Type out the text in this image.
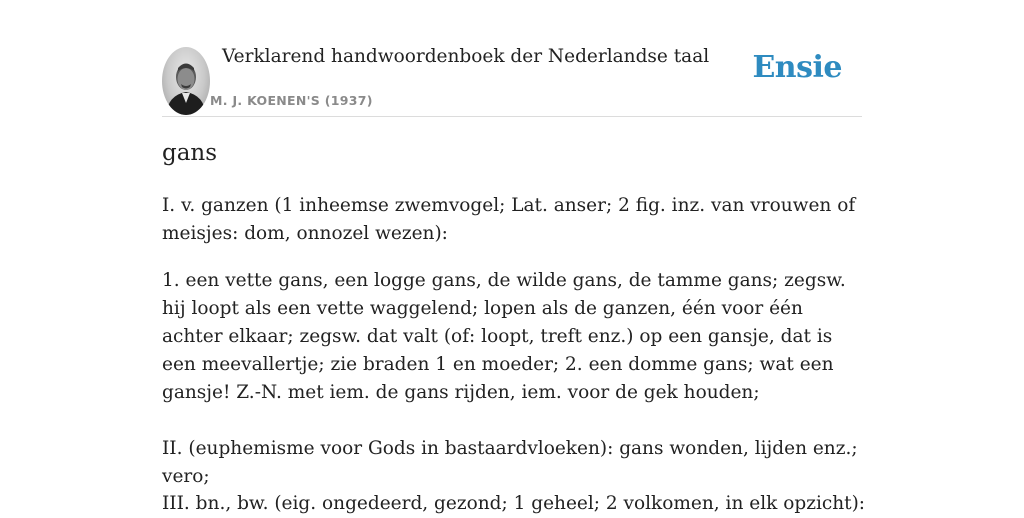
Verklarend handwoordenboek der Nederlandse taal
M. J. KOENEN'S (1937)
Ensie
gans
I. v. ganzen (1 inheemse zwemvogel; Lat. anser; 2 fig. inz. van vrouwen of meisjes: dom, onnozel wezen):
1. een vette gans, een logge gans, de wilde gans, de tamme gans; zegsw. hij loopt als een vette waggelend; lopen als de ganzen, één voor één achter elkaar; zegsw. dat valt (of: loopt, treft enz.) op een gansje, dat is een meevallertje; zie braden 1 en moeder; 2. een domme gans; wat een gansje! Z.-N. met iem. de gans rijden, iem. voor de gek houden;
II. (euphemisme voor Gods in bastaardvloeken): gans wonden, lijden enz.; vero;
III. bn., bw. (eig. ongedeerd, gezond; 1 geheel; 2 volkomen, in elk opzicht):
